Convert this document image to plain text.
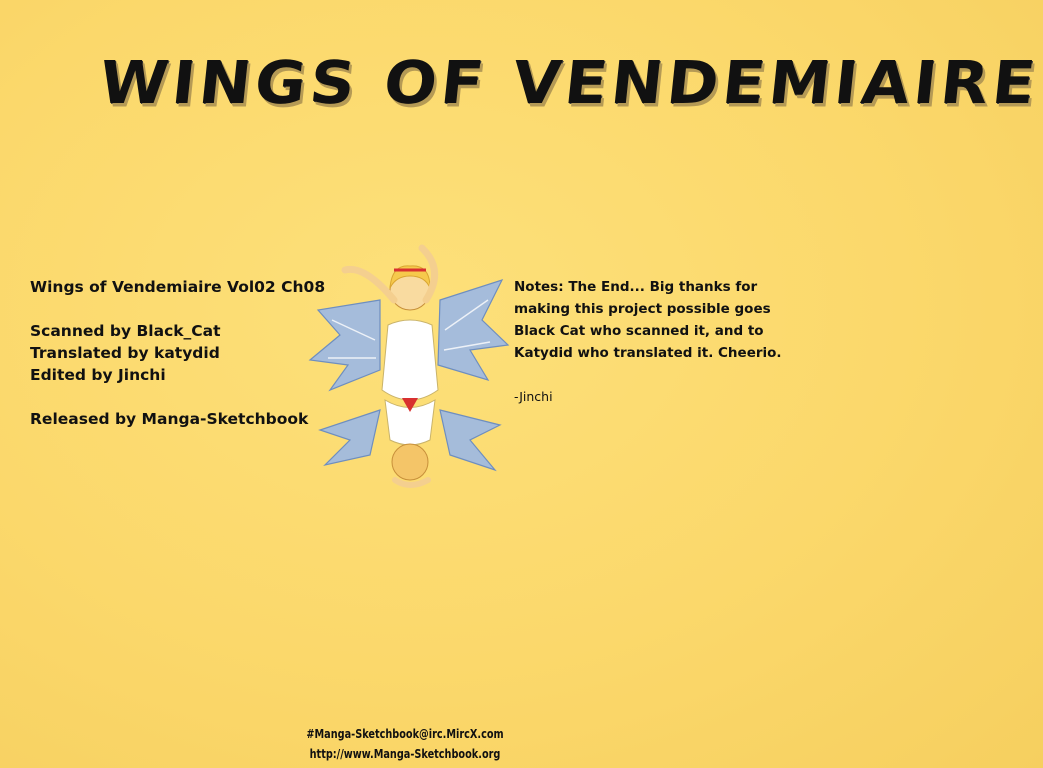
WINGS OF VENDEMIAIRE

Wings of Vendemiaire Vol02 Ch08

Scanned by Black_Cat

Translated by katydid

Edited by Jinchi

Released by Manga-Sketchbook

Notes: The End... Big thanks for making this project possible goes Black Cat who scanned it, and to Katydid who translated it. Cheerio.
-Jinchi
#Manga-Sketchbook@irc.MircX.com
http://www.Manga-Sketchbook.org
